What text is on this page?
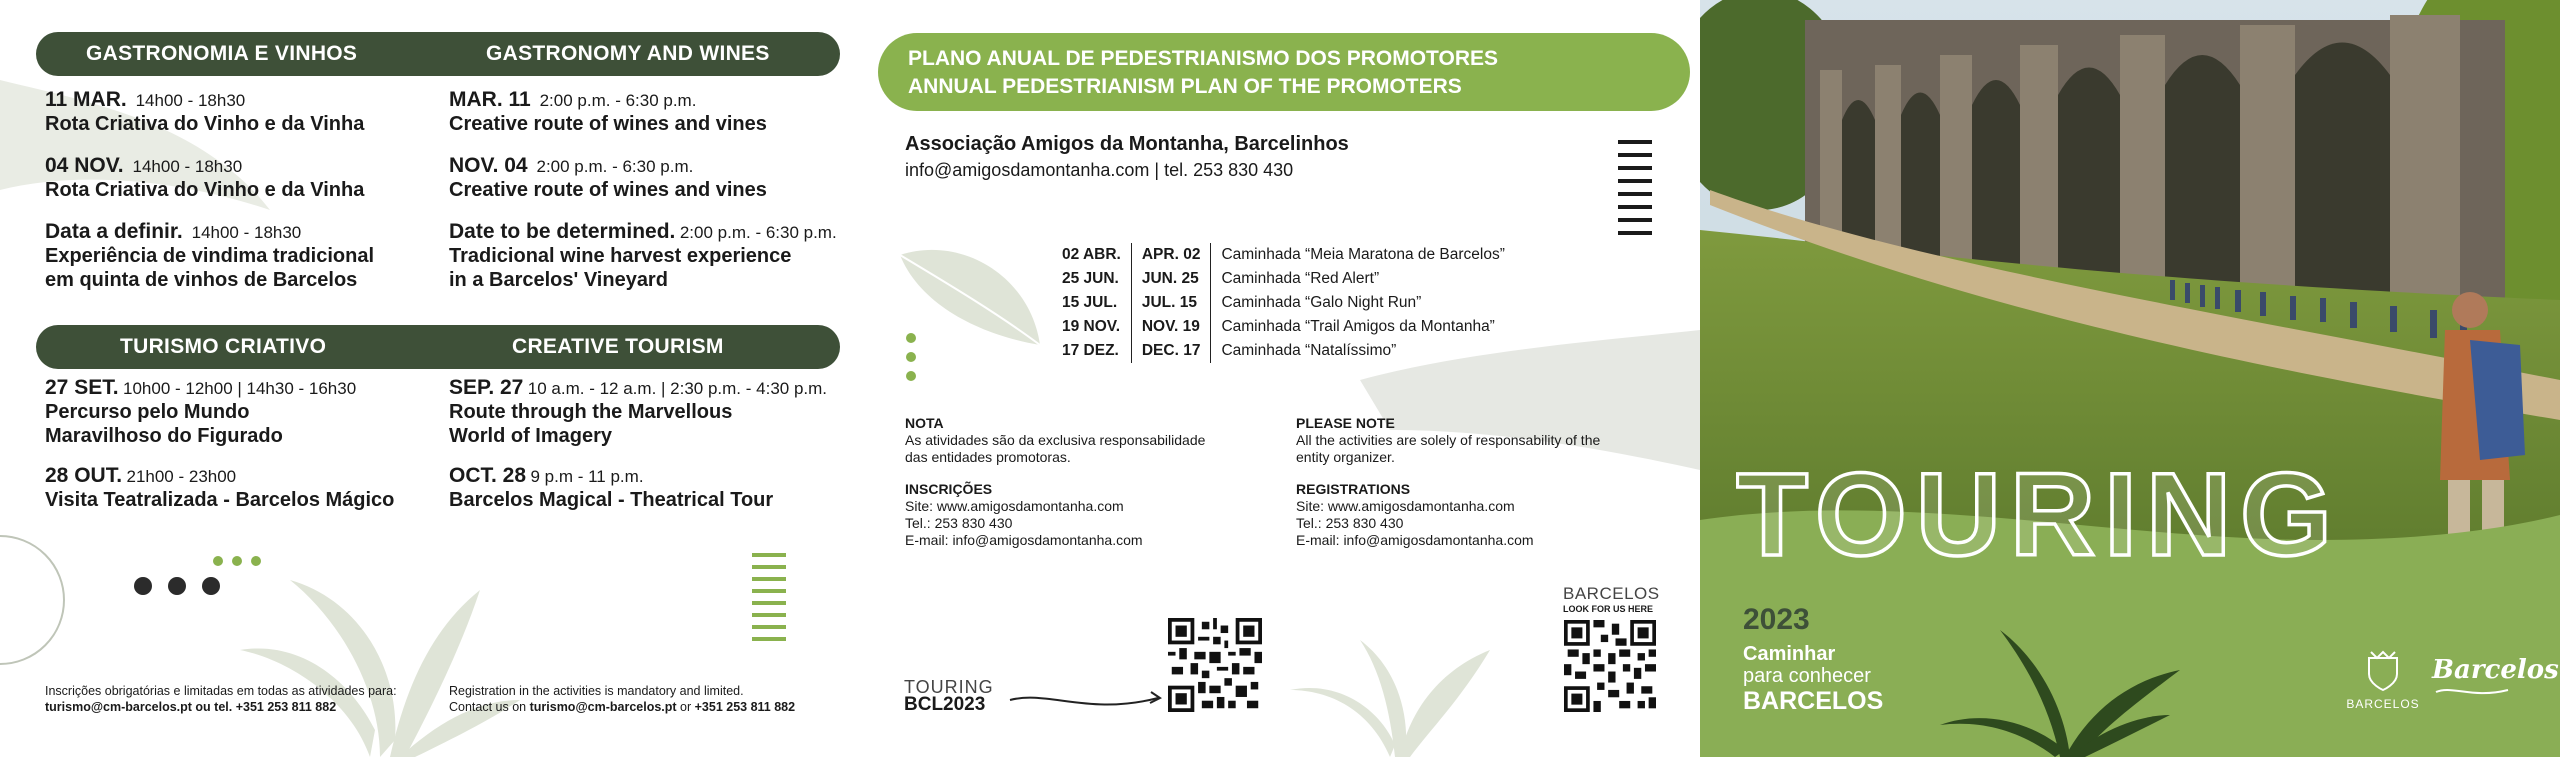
GASTRONOMIA E VINHOS	GASTRONOMY AND WINES
11 MAR. 14h00 - 18h30
Rota Criativa do Vinho e da Vinha
04 NOV. 14h00 - 18h30
Rota Criativa do Vinho e da Vinha
Data a definir. 14h00 - 18h30
Experiência de vindima tradicional
em quinta de vinhos de Barcelos
MAR. 11 2:00 p.m. - 6:30 p.m.
Creative route of wines and vines
NOV. 04 2:00 p.m. - 6:30 p.m.
Creative route of wines and vines
Date to be determined. 2:00 p.m. - 6:30 p.m.
Tradicional wine harvest experience
in a Barcelos' Vineyard
TURISMO CRIATIVO	CREATIVE TOURISM
27 SET. 10h00 - 12h00 | 14h30 - 16h30
Percurso pelo Mundo
Maravilhoso do Figurado
28 OUT. 21h00 - 23h00
Visita Teatralizada - Barcelos Mágico
SEP. 27 10 a.m. - 12 a.m. | 2:30 p.m. - 4:30 p.m.
Route through the Marvellous
World of Imagery
OCT. 28 9 p.m - 11 p.m.
Barcelos Magical - Theatrical Tour
Inscrições obrigatórias e limitadas em todas as atividades para:
turismo@cm-barcelos.pt ou tel. +351 253 811 882
Registration in the activities is mandatory and limited.
Contact us on turismo@cm-barcelos.pt or +351 253 811 882
PLANO ANUAL DE PEDESTRIANISMO DOS PROMOTORES
ANNUAL PEDESTRIANISM PLAN OF THE PROMOTERS
Associação Amigos da Montanha, Barcelinhos
info@amigosdamontanha.com | tel. 253 830 430
02 ABR.	APR. 02	Caminhada “Meia Maratona de Barcelos”
25 JUN.	JUN. 25	Caminhada “Red Alert”
15 JUL.	JUL. 15	Caminhada “Galo Night Run”
19 NOV.	NOV. 19	Caminhada “Trail Amigos da Montanha”
17 DEZ.	DEC. 17	Caminhada “Natalíssimo”
NOTA
As atividades são da exclusiva responsabilidade
das entidades promotoras.
INSCRIÇÕES
Site: www.amigosdamontanha.com
Tel.: 253 830 430
E-mail: info@amigosdamontanha.com
PLEASE NOTE
All the activities are solely of responsability of the
entity organizer.
REGISTRATIONS
Site: www.amigosdamontanha.com
Tel.: 253 830 430
E-mail: info@amigosdamontanha.com
TOURING
BCL2023
BARCELOS
LOOK FOR US HERE
TOURING
2023
Caminhar
para conhecer
BARCELOS	BARCELOS
Barcelos
